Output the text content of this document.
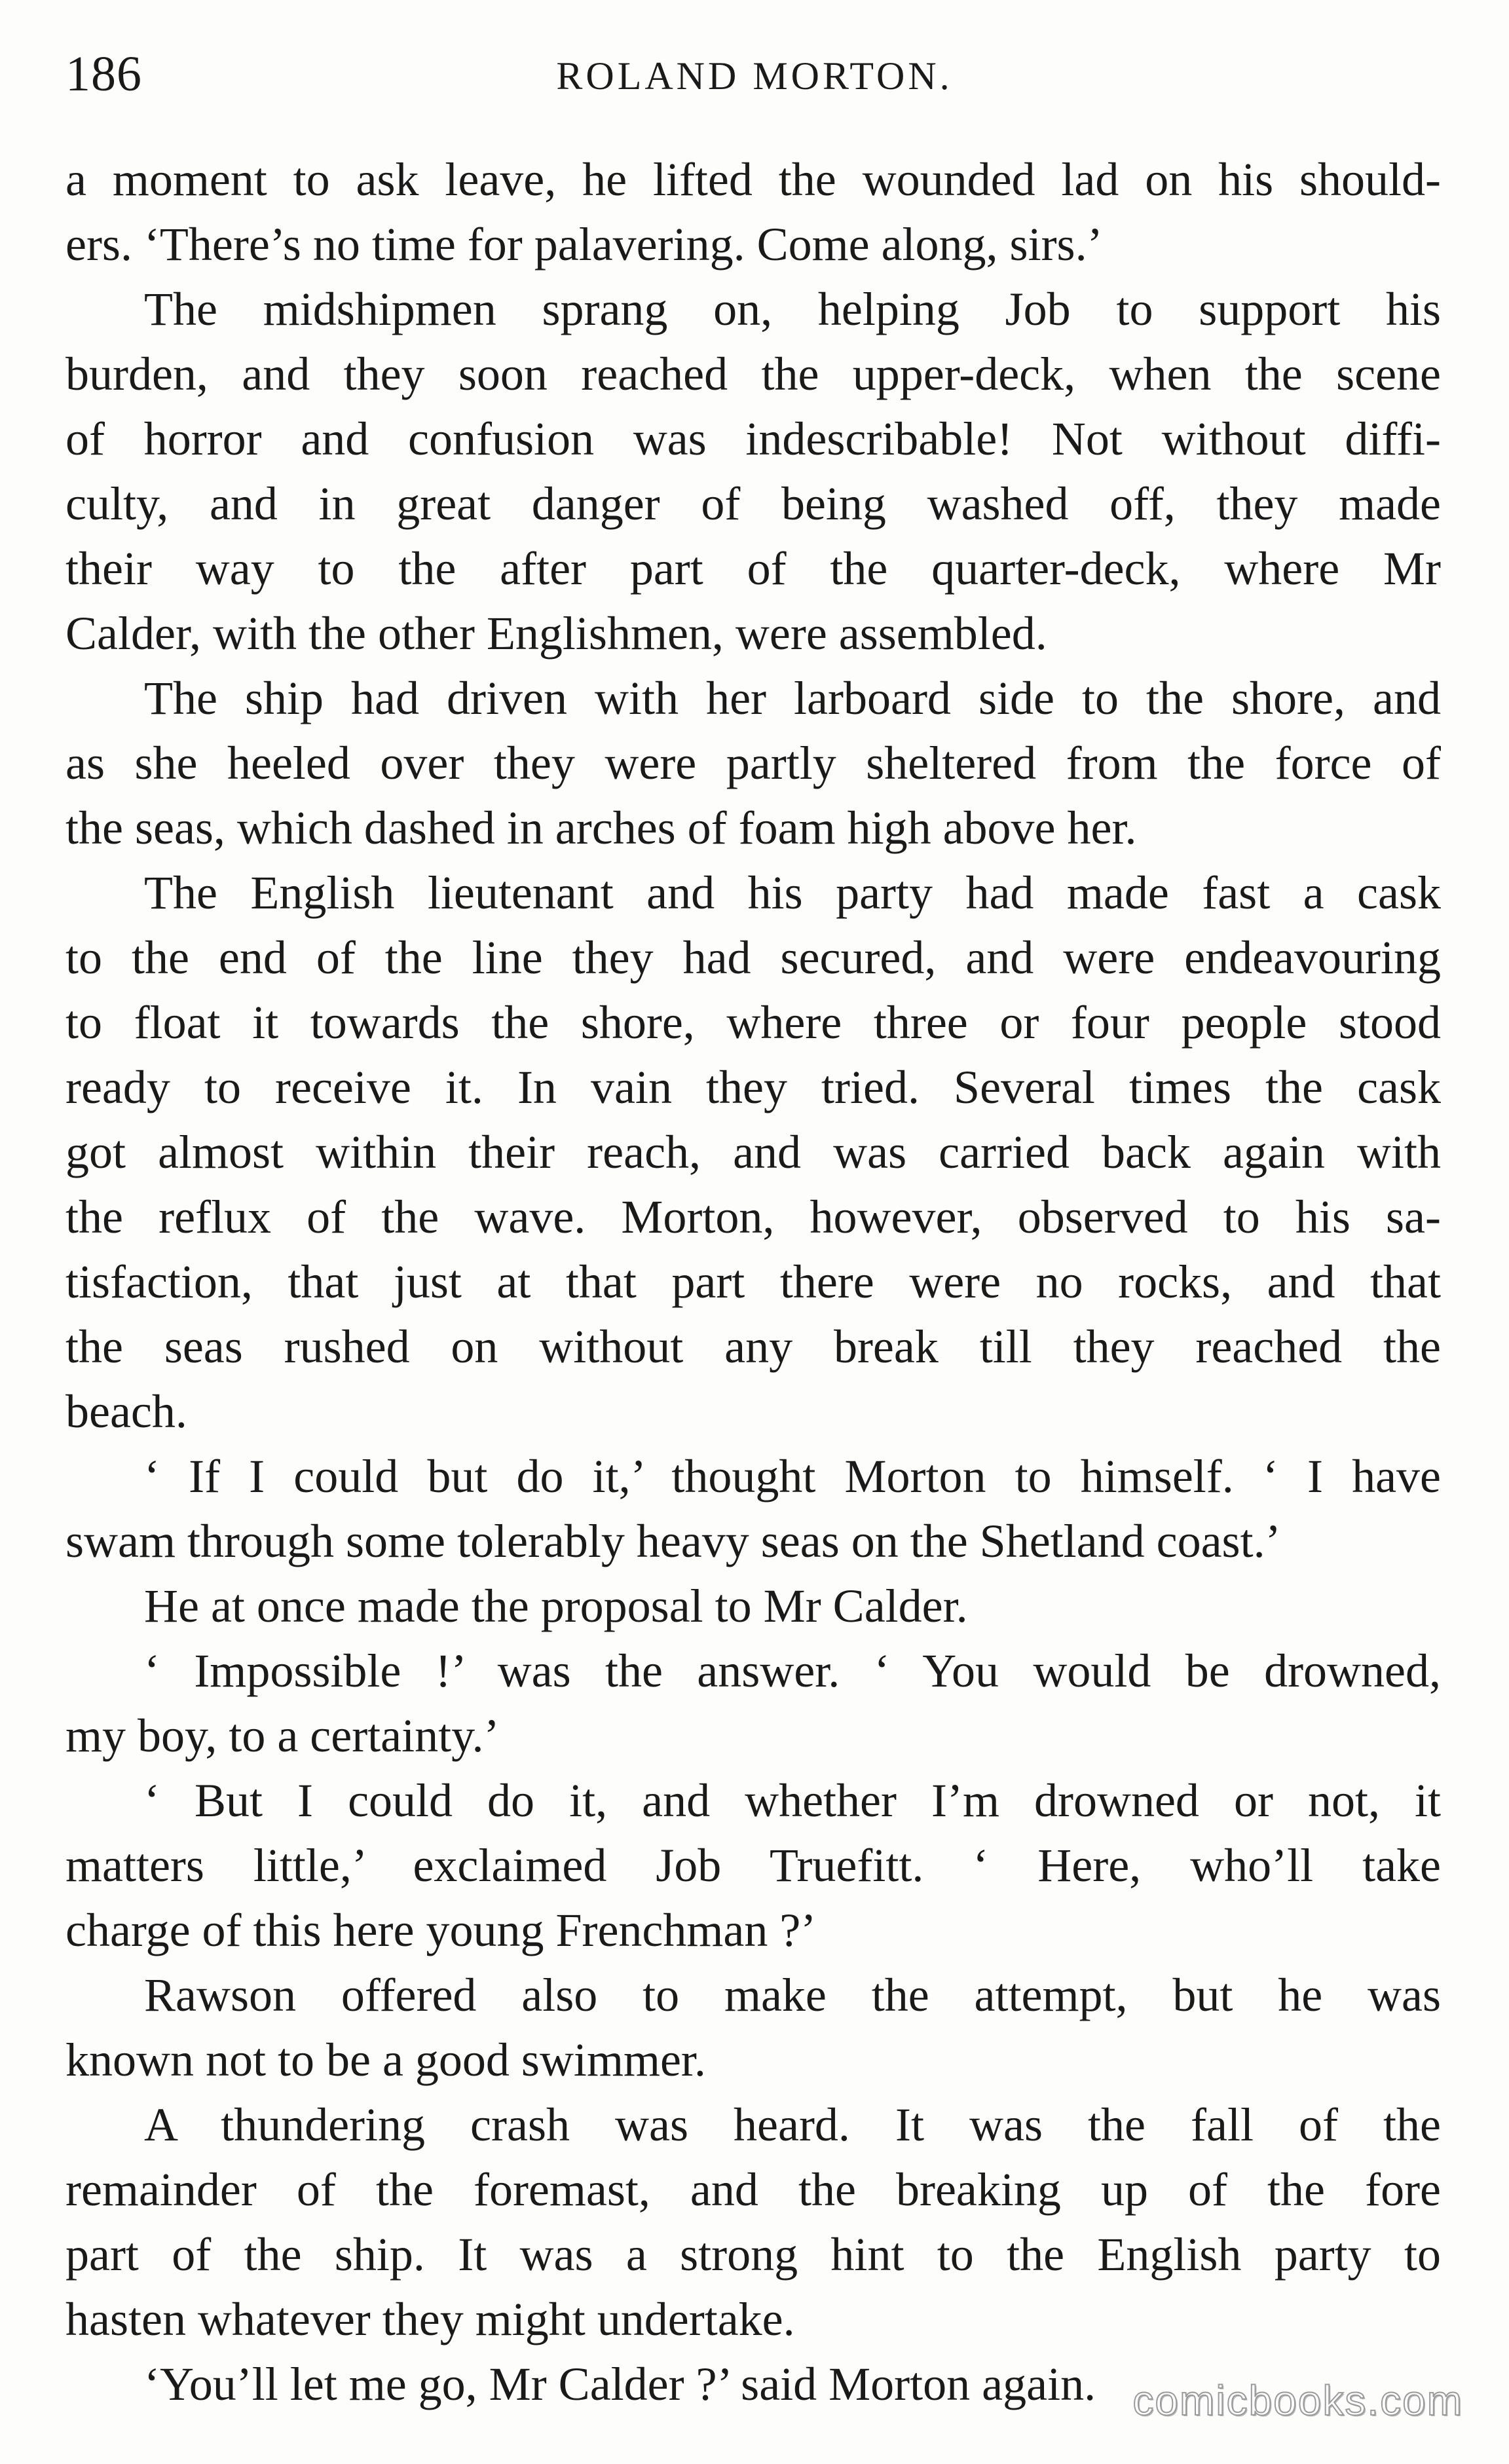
186	ROLAND MORTON.
a moment to ask leave, he lifted the wounded lad on his should-
ers. ‘There’s no time for palavering. Come along, sirs.’
The midshipmen sprang on, helping Job to support his
burden, and they soon reached the upper-deck, when the scene
of horror and confusion was indescribable! Not without diffi-
culty, and in great danger of being washed off, they made
their way to the after part of the quarter-deck, where Mr
Calder, with the other Englishmen, were assembled.
The ship had driven with her larboard side to the shore, and
as she heeled over they were partly sheltered from the force of
the seas, which dashed in arches of foam high above her.
The English lieutenant and his party had made fast a cask
to the end of the line they had secured, and were endeavouring
to float it towards the shore, where three or four people stood
ready to receive it. In vain they tried. Several times the cask
got almost within their reach, and was carried back again with
the reflux of the wave. Morton, however, observed to his sa-
tisfaction, that just at that part there were no rocks, and that
the seas rushed on without any break till they reached the
beach.
‘ If I could but do it,’ thought Morton to himself. ‘ I have
swam through some tolerably heavy seas on the Shetland coast.’
He at once made the proposal to Mr Calder.
‘ Impossible !’ was the answer. ‘ You would be drowned,
my boy, to a certainty.’
‘ But I could do it, and whether I’m drowned or not, it
matters little,’ exclaimed Job Truefitt. ‘ Here, who’ll take
charge of this here young Frenchman ?’
Rawson offered also to make the attempt, but he was
known not to be a good swimmer.
A thundering crash was heard. It was the fall of the
remainder of the foremast, and the breaking up of the fore
part of the ship. It was a strong hint to the English party to
hasten whatever they might undertake.
‘You’ll let me go, Mr Calder ?’ said Morton again. comicbooks.com
